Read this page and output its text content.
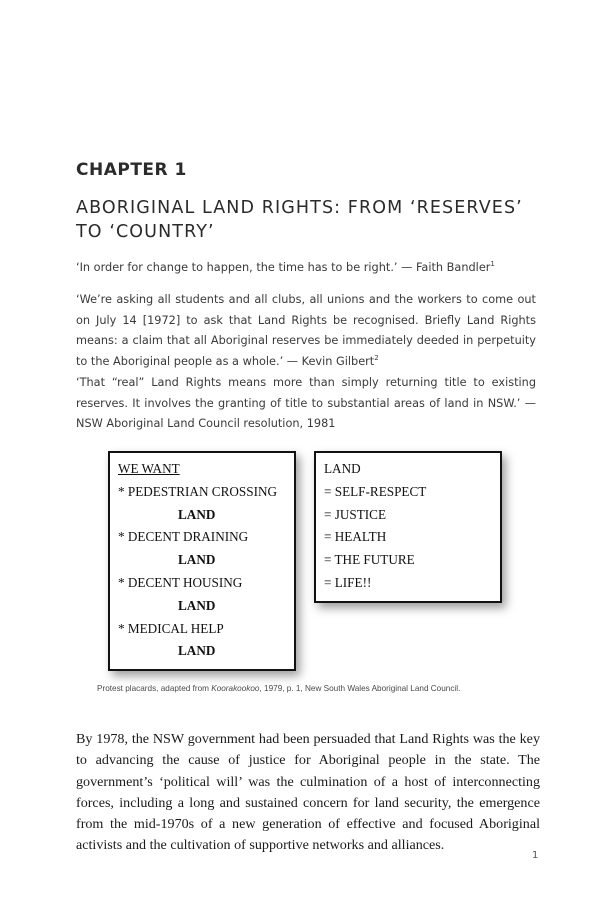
CHAPTER 1
ABORIGINAL LAND RIGHTS: FROM ‘RESERVES’
TO ‘COUNTRY’
‘In order for change to happen, the time has to be right.’ — Faith Bandler$^1$
‘We’re asking all students and all clubs, all unions and the workers to come out on July 14 [1972] to ask that Land Rights be recognised. Briefly Land Rights means: a claim that all Aboriginal reserves be immediately deeded in perpetuity to the Aboriginal people as a whole.’ — Kevin Gilbert$^2$
‘That “real” Land Rights means more than simply returning title to existing reserves. It involves the granting of title to substantial areas of land in NSW.’ — NSW Aboriginal Land Council resolution, 1981
WE WANT
* PEDESTRIAN CROSSING
LAND
* DECENT DRAINING
LAND
* DECENT HOUSING
LAND
* MEDICAL HELP
LAND
LAND
= SELF-RESPECT
= JUSTICE
= HEALTH
= THE FUTURE
= LIFE!!
Protest placards, adapted from Koorakookoo, 1979, p. 1, New South Wales Aboriginal Land Council.
By 1978, the NSW government had been persuaded that Land Rights was the key to advancing the cause of justice for Aboriginal people in the state. The government’s ‘political will’ was the culmination of a host of interconnecting forces, including a long and sustained concern for land security, the emergence from the mid-1970s of a new generation of effective and focused Aboriginal activists and the cultivation of supportive networks and alliances.
1
